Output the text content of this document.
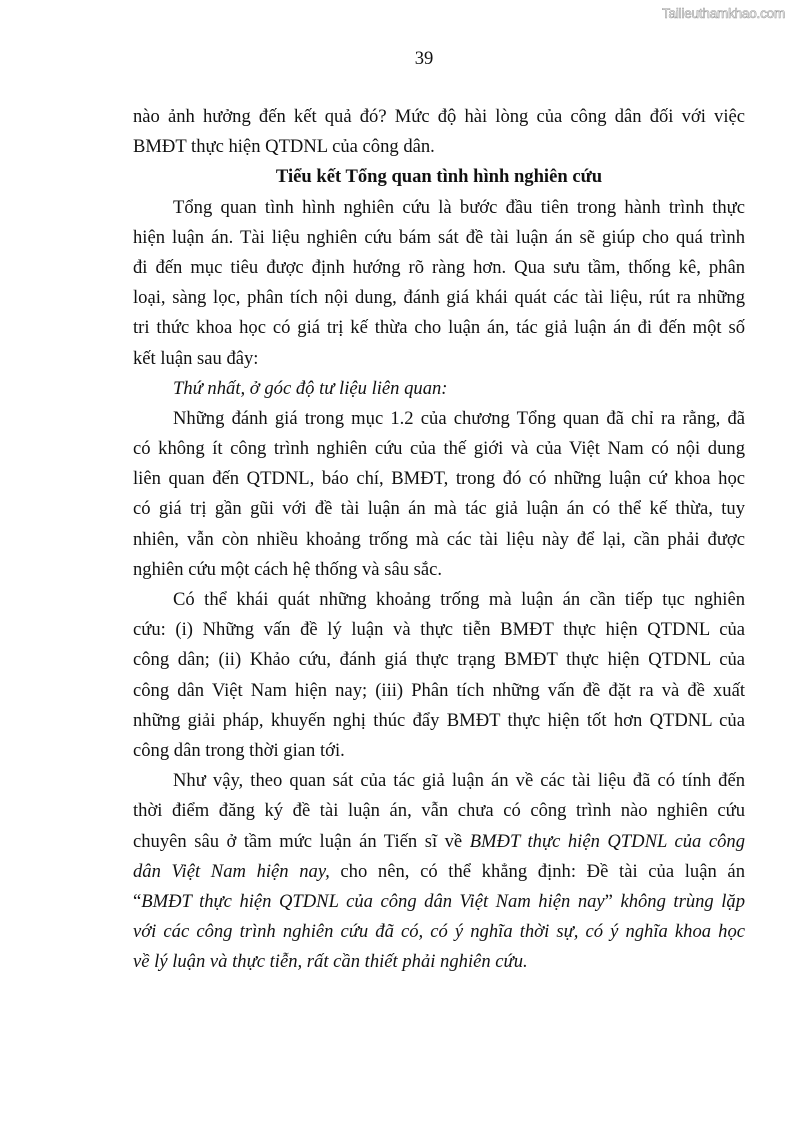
Tailieuthamkhao.com
39
nào ảnh hưởng đến kết quả đó? Mức độ hài lòng của công dân đối với việc
BMĐT thực hiện QTDNL của công dân.
Tiểu kết Tổng quan tình hình nghiên cứu
Tổng quan tình hình nghiên cứu là bước đầu tiên trong hành trình thực
hiện luận án. Tài liệu nghiên cứu bám sát đề tài luận án sẽ giúp cho quá trình
đi đến mục tiêu được định hướng rõ ràng hơn. Qua sưu tầm, thống kê, phân
loại, sàng lọc, phân tích nội dung, đánh giá khái quát các tài liệu, rút ra những
tri thức khoa học có giá trị kế thừa cho luận án, tác giả luận án đi đến một số
kết luận sau đây:
Thứ nhất, ở góc độ tư liệu liên quan:
Những đánh giá trong mục 1.2 của chương Tổng quan đã chỉ ra rằng, đã
có không ít công trình nghiên cứu của thế giới và của Việt Nam có nội dung
liên quan đến QTDNL, báo chí, BMĐT, trong đó có những luận cứ khoa học
có giá trị gần gũi với đề tài luận án mà tác giả luận án có thể kế thừa, tuy
nhiên, vẫn còn nhiều khoảng trống mà các tài liệu này để lại, cần phải được
nghiên cứu một cách hệ thống và sâu sắc.
Có thể khái quát những khoảng trống mà luận án cần tiếp tục nghiên
cứu: (i) Những vấn đề lý luận và thực tiễn BMĐT thực hiện QTDNL của
công dân; (ii) Khảo cứu, đánh giá thực trạng BMĐT thực hiện QTDNL của
công dân Việt Nam hiện nay; (iii) Phân tích những vấn đề đặt ra và đề xuất
những giải pháp, khuyến nghị thúc đẩy BMĐT thực hiện tốt hơn QTDNL của
công dân trong thời gian tới.
Như vậy, theo quan sát của tác giả luận án về các tài liệu đã có tính đến
thời điểm đăng ký đề tài luận án, vẫn chưa có công trình nào nghiên cứu
chuyên sâu ở tầm mức luận án Tiến sĩ về BMĐT thực hiện QTDNL của công
dân Việt Nam hiện nay, cho nên, có thể khẳng định: Đề tài của luận án
“BMĐT thực hiện QTDNL của công dân Việt Nam hiện nay” không trùng lặp
với các công trình nghiên cứu đã có, có ý nghĩa thời sự, có ý nghĩa khoa học
về lý luận và thực tiễn, rất cần thiết phải nghiên cứu.
